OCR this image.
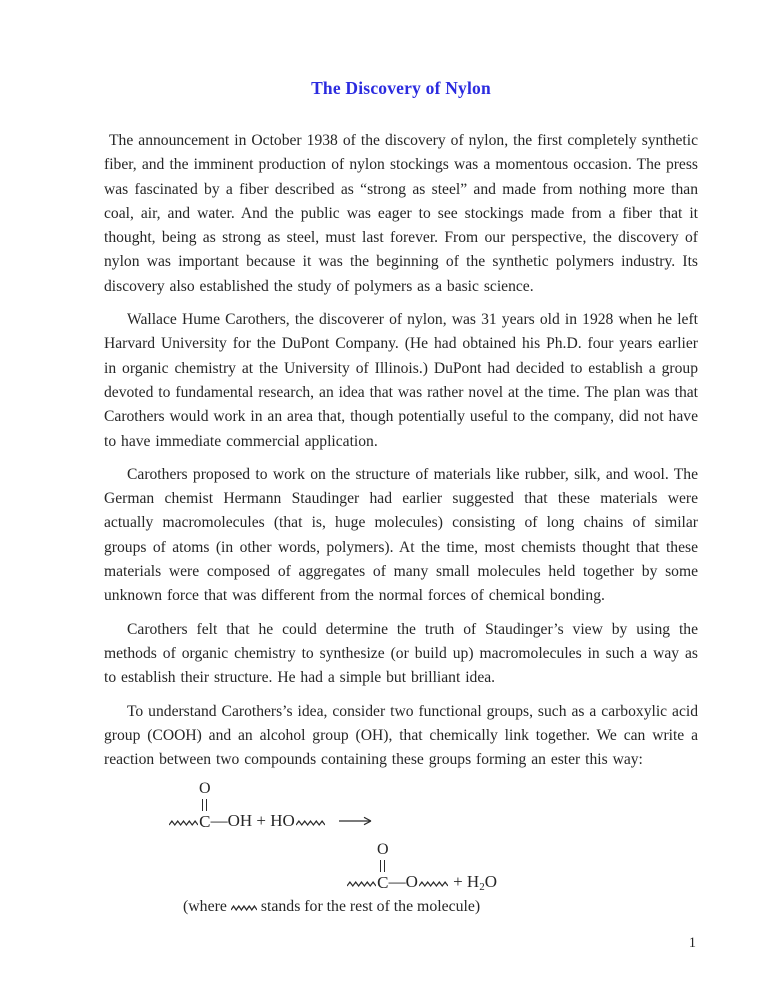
The Discovery of Nylon

The announcement in October 1938 of the discovery of nylon, the first completely synthetic fiber, and the imminent production of nylon stockings was a momentous occasion. The press was fascinated by a fiber described as “strong as steel” and made from nothing more than coal, air, and water. And the public was eager to see stockings made from a fiber that it thought, being as strong as steel, must last forever. From our perspective, the discovery of nylon was important because it was the beginning of the synthetic polymers industry. Its discovery also established the study of polymers as a basic science.

Wallace Hume Carothers, the discoverer of nylon, was 31 years old in 1928 when he left Harvard University for the DuPont Company. (He had obtained his Ph.D. four years earlier in organic chemistry at the University of Illinois.) DuPont had decided to establish a group devoted to fundamental research, an idea that was rather novel at the time. The plan was that Carothers would work in an area that, though potentially useful to the company, did not have to have immediate commercial application.

Carothers proposed to work on the structure of materials like rubber, silk, and wool. The German chemist Hermann Staudinger had earlier suggested that these materials were actually macromolecules (that is, huge molecules) consisting of long chains of similar groups of atoms (in other words, polymers). At the time, most chemists thought that these materials were composed of aggregates of many small molecules held together by some unknown force that was different from the normal forces of chemical bonding.

Carothers felt that he could determine the truth of Staudinger’s view by using the methods of organic chemistry to synthesize (or build up) macromolecules in such a way as to establish their structure. He had a simple but brilliant idea.

To understand Carothers’s idea, consider two functional groups, such as a carboxylic acid group (COOH) and an alcohol group (OH), that chemically link together. We can write a reaction between two compounds containing these groups forming an ester this way:

O
C —OH + HO
O
C —O + H 2 O
(where stands for the rest of the molecule)
1
